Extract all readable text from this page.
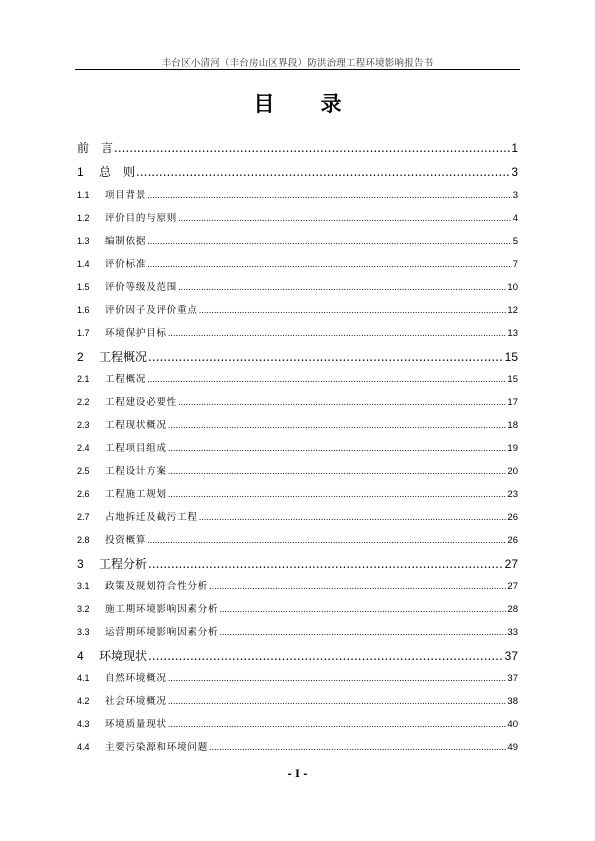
丰台区小清河（丰台房山区界段）防洪治理工程环境影响报告书
目录
前　言 .....	1
1	总　则 .....	3
1.1	项目背景 .....	3
1.2	评价目的与原则 .....	4
1.3	编制依据 .....	5
1.4	评价标准 .....	7
1.5	评价等级及范围 .....	10
1.6	评价因子及评价重点 .....	12
1.7	环境保护目标 .....	13
2	工程概况 .....	15
2.1	工程概况 .....	15
2.2	工程建设必要性 .....	17
2.3	工程现状概况 .....	18
2.4	工程项目组成 .....	19
2.5	工程设计方案 .....	20
2.6	工程施工规划 .....	23
2.7	占地拆迁及截污工程 .....	26
2.8	投资概算 .....	26
3	工程分析 .....	27
3.1	政策及规划符合性分析 .....	27
3.2	施工期环境影响因素分析 .....	28
3.3	运营期环境影响因素分析 .....	33
4	环境现状 .....	37
4.1	自然环境概况 .....	37
4.2	社会环境概况 .....	38
4.3	环境质量现状 .....	40
4.4	主要污染源和环境问题 .....	49
- I -
